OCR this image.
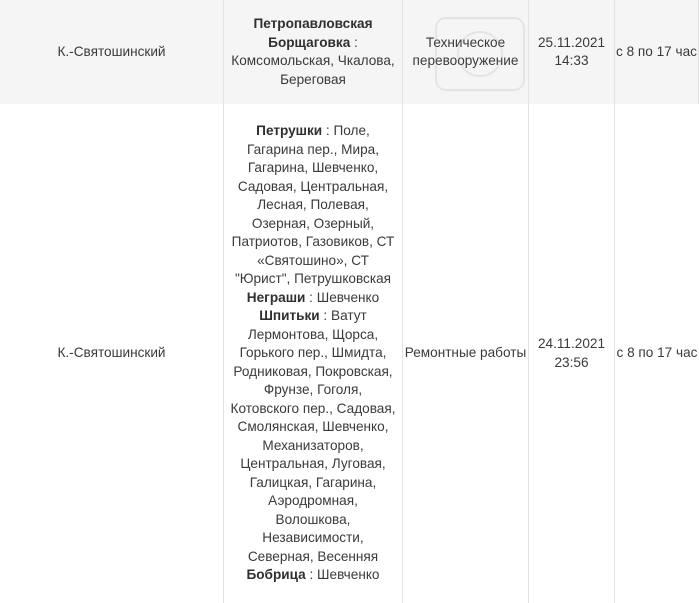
К.-Святошинский
Петропавловская Борщаговка :
Комсомольская, Чкалова, Береговая
Техническое перевооружение
25.11.2021
14:33
с 8 по 17 час
К.-Святошинский
Петрушки : Поле, Гагарина пер., Мира, Гагарина, Шевченко, Садовая, Центральная, Лесная, Полевая, Озерная, Озерный, Патриотов, Газовиков, СТ «Святошино», СТ "Юрист", Петрушковская
Неграши : Шевченко
Шпитьки : Ватут Лермонтова, Щорса, Горького пер., Шмидта, Родниковая, Покровская, Фрунзе, Гоголя, Котовского пер., Садовая, Смолянская, Шевченко, Механизаторов, Центральная, Луговая, Галицкая, Гагарина, Аэродромная, Волошкова, Независимости, Северная, Весенняя
Бобрица : Шевченко
Ремонтные работы
24.11.2021
23:56
с 8 по 17 час
